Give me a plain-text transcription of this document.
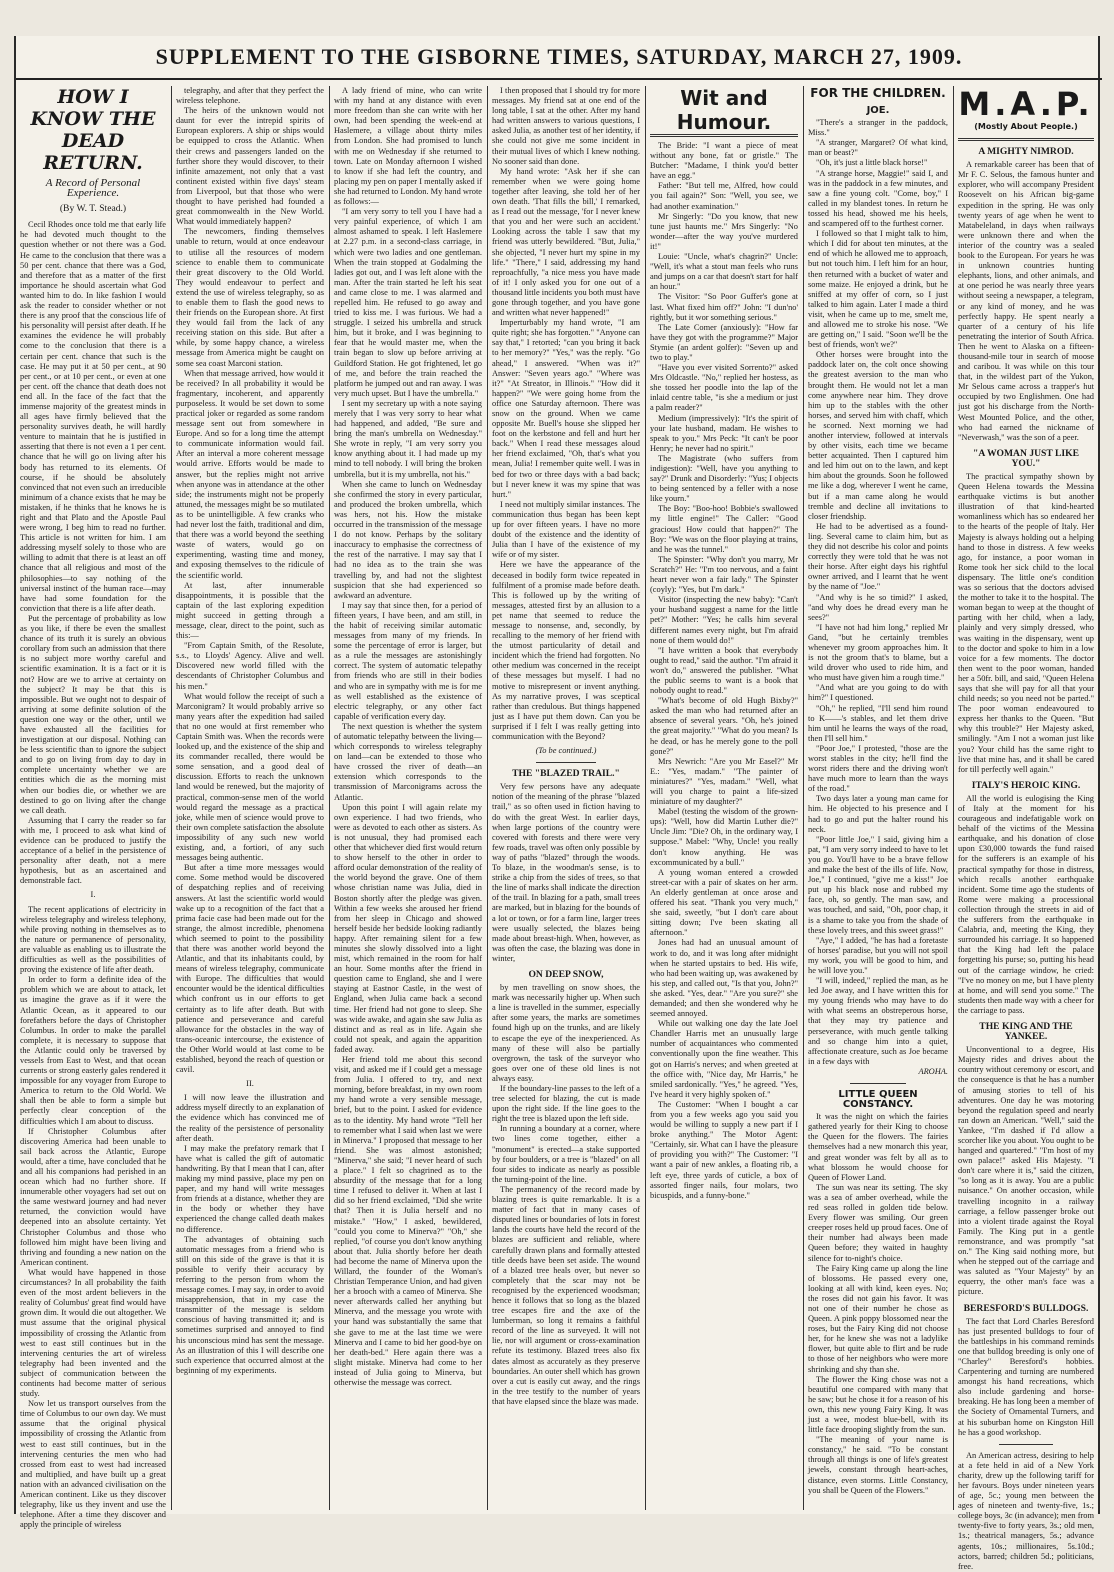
SUPPLEMENT TO THE GISBORNE TIMES, SATURDAY, MARCH 27, 1909.
HOW I KNOW THE DEAD RETURN.
A Record of Personal Experience.
(By W. T. Stead.)

Cecil Rhodes once told me that early life he had devoted much thought to the question whether or not there was a God. He came to the conclusion that there was a 50 per cent. chance that there was a God, and therefore that as a matter of the first importance he should ascertain what God wanted him to do. In like fashion I would ask the reader to consider whether or not there is any proof that the conscious life of his personality will persist after death. If he examines the evidence he will probably come to the conclusion that there is a certain per cent. chance that such is the case. He may put it at 50 per cent., at 90 per cent., or at 10 per cent., or even at one per cent. off the chance that death does not end all. In the face of the fact that the immense majority of the greatest minds in all ages have firmly believed that the personality survives death, he will hardly venture to maintain that he is justified in asserting that there is not even a 1 per cent. chance that he will go on living after his body has returned to its elements. Of course, if he should be absolutely convinced that not even such an irreducible minimum of a chance exists that he may be mistaken, if he thinks that he knows he is right and that Plato and the Apostle Paul were wrong, I beg him to read no further. This article is not written for him. I am addressing myself solely to those who are willing to admit that there is at least an off chance that all religious and most of the philosophies—to say nothing of the universal instinct of the human race—may have had some foundation for the conviction that there is a life after death.

Put the percentage of probability as low as you like, if there be even the smallest chance of its truth it is surely an obvious corollary from such an admission that there is no subject more worthy careful and scientific examination. It is a fact or it is not? How are we to arrive at certainty on the subject? It may be that this is impossible. But we ought not to despair of arriving at some definite solution of the question one way or the other, until we have exhausted all the facilities for investigation at our disposal. Nothing can be less scientific than to ignore the subject and to go on living from day to day in complete uncertainty whether we are entities which die as the morning mist when our bodies die, or whether we are destined to go on living after the change we call death.

Assuming that I carry the reader so far with me, I proceed to ask what kind of evidence can be produced to justify the acceptance of a belief in the persistence of personality after death, not a mere hypothesis, but as an ascertained and demonstrable fact.

I.

The recent applications of electricity in wireless telegraphy and wireless telephony, while proving nothing in themselves as to the nature or permanence of personality, are valuable as enabling us to illustrate the difficulties as well as the possibilities of proving the existence of life after death.

In order to form a definite idea of the problem which we are about to attack, let us imagine the grave as if it were the Atlantic Ocean, as it appeared to our forefathers before the days of Christopher Columbus. In order to make the parallel complete, it is necessary to suppose that the Atlantic could only be traversed by vessels from East to West, and that ocean currents or strong easterly gales rendered it impossible for any voyager from Europe to America to return to the Old World. We shall then be able to form a simple but perfectly clear conception of the difficulties which I am about to discuss.

If Christopher Columbus after discovering America had been unable to sail back across the Atlantic, Europe would, after a time, have concluded that he and all his companions had perished in an ocean which had no further shore. If innumerable other voyagers had set out on the same westward journey and had never returned, the conviction would have deepened into an absolute certainty. Yet Christopher Columbus and those who followed him might have been living and thriving and founding a new nation on the American continent.

What would have happened in those circumstances? In all probability the faith even of the most ardent believers in the reality of Columbus' great find would have grown dim. It would die out altogether. We must assume that the original physical impossibility of crossing the Atlantic from west to east still continues but in the intervening centuries the art of wireless telegraphy had been invented and the subject of communication between the continents had become matter of serious study.

Now let us transport ourselves from the time of Columbus to our own day. We must assume that the original physical impossibility of crossing the Atlantic from west to east still continues, but in the intervening centuries the men who had crossed from east to west had increased and multiplied, and have built up a great nation with an advanced civilisation on the American continent. Like us they discover telegraphy, like us they invent and use the telephone. After a time they discover and apply the principle of wireless

telegraphy, and after that they perfect the wireless telephone.

The heirs of the unknown would not daunt for ever the intrepid spirits of European explorers. A ship or ships would be equipped to cross the Atlantic. When their crews and passengers landed on the further shore they would discover, to their infinite amazement, not only that a vast continent existed within five days' steam from Liverpool, but that those who were thought to have perished had founded a great commonwealth in the New World. What would immediately happen?

The newcomers, finding themselves unable to return, would at once endeavour to utilise all the resources of modern science to enable them to communicate their great discovery to the Old World. They would endeavour to perfect and extend the use of wireless telegraphy, so as to enable them to flash the good news to their friends on the European shore. At first they would fail from the lack of any receiving station on this side. But after a while, by some happy chance, a wireless message from America might be caught on some sea coast Marconi station.

When that message arrived, how would it be received? In all probability it would be fragmentary, incoherent, and apparently purposeless. It would be set down to some practical joker or regarded as some random message sent out from somewhere in Europe. And so for a long time the attempt to communicate information would fail. After an interval a more coherent message would arrive. Efforts would be made to answer, but the replies might not arrive when anyone was in attendance at the other side; the instruments might not be properly attuned, the messages might be so mutilated as to be unintelligible. A few cranks who had never lost the faith, traditional and dim, that there was a world beyond the seething waste of waters, would go on experimenting, wasting time and money, and exposing themselves to the ridicule of the scientific world.

At last, after innumerable disappointments, it is possible that the captain of the last exploring expedition might succeed in getting through a message, clear, direct to the point, such as this:—

"From Captain Smith, of the Resolute, s.s., to Lloyds' Agency. Alive and well. Discovered new world filled with the descendants of Christopher Columbus and his men."

What would follow the receipt of such a Marconigram? It would probably arrive so many years after the expedition had sailed that no one would at first remember who Captain Smith was. When the records were looked up, and the existence of the ship and its commander recalled, there would be some sensation, and a good deal of discussion. Efforts to reach the unknown land would be renewed, but the majority of practical, common-sense men of the world would regard the message as a practical joke, while men of science would prove to their own complete satisfaction the absolute impossibility of any such new world existing, and, a fortiori, of any such messages being authentic.

But after a time more messages would come. Some method would be discovered of despatching replies and of receiving answers. At last the scientific world would wake up to a recognition of the fact that a prima facie case had been made out for the strange, the almost incredible, phenomena which seemed to point to the possibility that there was another world beyond the Atlantic, and that its inhabitants could, by means of wireless telegraphy, communicate with Europe. The difficulties that would encounter would be the identical difficulties which confront us in our efforts to get certainty as to life after death. But with patience and perseverance and careful allowance for the obstacles in the way of trans-oceanic intercourse, the existence of the Other World would at last come to be established, beyond the reach of question or cavil.

II.

I will now leave the illustration and address myself directly to an explanation of the evidence which has convinced me of the reality of the persistence of personality after death.

I may make the prefatory remark that I have what is called the gift of automatic handwriting. By that I mean that I can, after making my mind passive, place my pen on paper, and my hand will write messages from friends at a distance, whether they are in the body or whether they have experienced the change called death makes no difference.

The advantages of obtaining such automatic messages from a friend who is still on this side of the grave is that it is possible to verify their accuracy by referring to the person from whom the message comes. I may say, in order to avoid misapprehension, that in my case the transmitter of the message is seldom conscious of having transmitted it; and is sometimes surprised and annoyed to find his unconscious mind has sent the message. As an illustration of this I will describe one such experience that occurred almost at the beginning of my experiments.

A lady friend of mine, who can write with my hand at any distance with even more freedom than she can write with her own, had been spending the week-end at Haslemere, a village about thirty miles from London. She had promised to lunch with me on Wednesday if she returned to town. Late on Monday afternoon I wished to know if she had left the country, and placing my pen on paper I mentally asked if she had returned to London. My hand wrote as follows:—

"I am very sorry to tell you I have had a very painful experience, of which I am almost ashamed to speak. I left Haslemere at 2.27 p.m. in a second-class carriage, in which were two ladies and one gentleman. When the train stopped at Godalming the ladies got out, and I was left alone with the man. After the train started he left his seat and came close to me. I was alarmed and repelled him. He refused to go away and tried to kiss me. I was furious. We had a struggle. I seized his umbrella and struck him, but it broke, and I was beginning to fear that he would master me, when the train began to slow up before arriving at Guildford Station. He got frightened, let go of me, and before the train reached the platform he jumped out and ran away. I was very much upset. But I have the umbrella."

I sent my secretary up with a note saying merely that I was very sorry to hear what had happened, and added, "Be sure and bring the man's umbrella on Wednesday." She wrote in reply, "I am very sorry you know anything about it. I had made up my mind to tell nobody. I will bring the broken umbrella, but it is my umbrella, not his."

When she came to lunch on Wednesday she confirmed the story in every particular, and produced the broken umbrella, which was hers, not his. How the mistake occurred in the transmission of the message I do not know. Perhaps by the solitary inaccuracy to emphasise the correctness of the rest of the narrative. I may say that I had no idea as to the train she was travelling by, and had not the slightest suspicion that she had experienced so awkward an adventure.

I may say that since then, for a period of fifteen years, I have been, and am still, in the habit of receiving similar automatic messages from many of my friends. In some the percentage of error is larger, but as a rule the messages are astonishingly correct. The system of automatic telepathy from friends who are still in their bodies and who are in sympathy with me is for me as well established as the existence of electric telegraphy, or any other fact capable of verification every day.

The next question is whether the system of automatic telepathy between the living—which corresponds to wireless telegraphy on land—can be extended to those who have crossed the river of death—an extension which corresponds to the transmission of Marconigrams across the Atlantic.

Upon this point I will again relate my own experience. I had two friends, who were as devoted to each other as sisters. As is not unusual, they had promised each other that whichever died first would return to show herself to the other in order to afford ocular demonstration of the reality of the world beyond the grave. One of them whose christian name was Julia, died in Boston shortly after the pledge was given. Within a few weeks she aroused her friend from her sleep in Chicago and showed herself beside her bedside looking radiantly happy. After remaining silent for a few minutes she slowly dissolved into a light mist, which remained in the room for half an hour. Some months after the friend in question came to England, she and I were staying at Eastnor Castle, in the west of England, when Julia came back a second time. Her friend had not gone to sleep. She was wide awake, and again she saw Julia as distinct and as real as in life. Again she could not speak, and again the apparition faded away.

Her friend told me about this second visit, and asked me if I could get a message from Julia. I offered to try, and next morning, before breakfast, in my own room my hand wrote a very sensible message, brief, but to the point. I asked for evidence as to the identity. My hand wrote "Tell her to remember what I said when last we were in Minerva." I proposed that message to her friend. She was almost astonished; "Minerva," she said; "I never heard of such a place." I felt so chagrined as to the absurdity of the message that for a long time I refused to deliver it. When at last I did so her friend exclaimed, "Did she write that? Then it is Julia herself and no mistake." "How," I asked, bewildered, "could you come to Minerva?" "Oh," she replied, "of course you don't know anything about that. Julia shortly before her death had become the name of Minerva upon the Willard, the founder of the Woman's Christian Temperance Union, and had given her a brooch with a cameo of Minerva. She never afterwards called her anything but Minerva, and the message you wrote with your hand was substantially the same that she gave to me at the last time we were Minerva and I came to bid her good-bye on her death-bed." Here again there was a slight mistake. Minerva had come to her instead of Julia going to Minerva, but otherwise the message was correct.

I then proposed that I should try for more messages. My friend sat at one end of the long table, I sat at the other. After my hand had written answers to various questions, I asked Julia, as another test of her identity, if she could not give me some incident in their mutual lives of which I knew nothing. No sooner said than done.

My hand wrote: "Ask her if she can remember when we were going home together after leaving, she told her of her own death. 'That fills the bill,' I remarked, as I read out the message, 'for I never knew that you and her were such an accident.' Looking across the table I saw that my friend was utterly bewildered. "But, Julia," she objected, "I never hurt my spine in my life." "There," I said, addressing my hand reproachfully, "a nice mess you have made of it! I only asked you for one out of a thousand little incidents you both must have gone through together, and you have gone and written what never happened!"

Imperturbably my hand wrote, "I am quite right; she has forgotten." "Anyone can say that," I retorted; "can you bring it back to her memory?" "Yes," was the reply. "Go ahead," I answered. "When was it?" Answer: "Seven years ago." "Where was it?" "At Streator, in Illinois." "How did it happen?" "We were going home from the office one Saturday afternoon. There was snow on the ground. When we came opposite Mr. Buell's house she slipped her foot on the kerbstone and fell and hurt her back." When I read these messages aloud her friend exclaimed, "Oh, that's what you mean, Julia! I remember quite well. I was in bed for two or three days with a bad back; but I never knew it was my spine that was hurt."

I need not multiply similar instances. The communication thus began has been kept up for over fifteen years. I have no more doubt of the existence and the identity of Julia than I have of the existence of my wife or of my sister.

Here we have the appearance of the deceased in bodily form twice repeated in fulfilment of a promise made before death. This is followed up by the writing of messages, attested first by an allusion to a pet name that seemed to reduce the message to nonsense, and, secondly, by recalling to the memory of her friend with the utmost particularity of detail and incident which the friend had forgotten. No other medium was concerned in the receipt of these messages but myself. I had no motive to misrepresent or invent anything. As my narrative proves, I was sceptical rather than credulous. But things happened just as I have put them down. Can you be surprised if I felt I was really getting into communication with the Beyond?

(To be continued.)

THE "BLAZED TRAIL."

Very few persons have any adequate notion of the meaning of the phrase "blazed trail," as so often used in fiction having to do with the great West. In earlier days, when large portions of the country were covered with forests and there were very few roads, travel was often only possible by way of paths "blazed" through the woods. To blaze, in the woodman's sense, is to strike a chip from the sides of trees, so that the line of marks shall indicate the direction of the trail. In blazing for a path, small trees are marked, but in blazing for the bounds of a lot or town, or for a farm line, larger trees were usually selected, the blazes being made about breast-high. When, however, as was often the case, the blazing was done in winter,

ON DEEP SNOW,

by men travelling on snow shoes, the mark was necessarily higher up. When such a line is travelled in the summer, especially after some years, the marks are sometimes found high up on the trunks, and are likely to escape the eye of the inexperienced. As many of these will also be partially overgrown, the task of the surveyor who goes over one of these old lines is not always easy.

If the boundary-line passes to the left of a tree selected for blazing, the cut is made upon the right side. If the line goes to the right the tree is blazed upon the left side.

In running a boundary at a corner, where two lines come together, either a "monument" is erected—a stake supported by four boulders, or a tree is "blazed" on all four sides to indicate as nearly as possible the turning-point of the line.

The permanency of the record made by blazing trees is quite remarkable. It is a matter of fact that in many cases of disputed lines or boundaries of lots in forest lands the courts have held the record of the blazes are sufficient and reliable, where carefully drawn plans and formally attested title deeds have been set aside. The wound of a blazed tree heals over, but never so completely that the scar may not be recognised by the experienced woodsman; hence it follows that so long as the blazed tree escapes fire and the axe of the lumberman, so long it remains a faithful record of the line as surveyed. It will not lie, nor will argument or cross-examination refute its testimony. Blazed trees also fix dates almost as accurately as they preserve boundaries. An outer shell which has grown over a cut is easily cut away, and the rings in the tree testify to the number of years that have elapsed since the blaze was made.

Wit and Humour.

The Bride: "I want a piece of meat without any bone, fat or gristle." The Butcher: "Madame, I think you'd better have an egg."

Father: "But tell me, Alfred, how could you fail again?" Son: "Well, you see, we had another examination."

Mr Singerly: "Do you know, that new tune just haunts me." Mrs Singerly: "No wonder—after the way you've murdered it!"

Louie: "Uncle, what's chagrin?" Uncle: "Well, it's what a stout man feels who runs and jumps on a car that doesn't start for half an hour."

The Visitor: "So Poor Guffer's gone at last. What fixed him off?" John: "I dun'no' rightly, but it wor something serious."

The Late Comer (anxiously): "How far have they got with the programme?" Major Stymie (an ardent golfer): "Seven up and two to play."

"Have you ever visited Sorrento?" asked Mrs Oldcastle. "No," replied her hostess, as she tossed her poodle into the lap of the inlaid centre table, "is she a medium or just a palm reader?"

Medium (impressively): "It's the spirit of your late husband, madam. He wishes to speak to you." Mrs Peck: "It can't be poor Henry; he never had no spirit."

The Magistrate (who suffers from indigestion): "Well, have you anything to say?" Drunk and Disorderly: "Yus; I objects to being sentenced by a feller with a nose like yourn."

The Boy: "Boo-hoo! Bobbie's swallowed my little engine!" The Caller: "Good gracious! How could that happen?" The Boy: "We was on the floor playing at trains, and he was the tunnel."

The Spinster: "Why don't you marry, Mr Scratch?" He: "I'm too nervous, and a faint heart never won a fair lady." The Spinster (coyly): "Yes, but I'm dark."

Visitor (inspecting the new baby): "Can't your husband suggest a name for the little pet?" Mother: "Yes; he calls him several different names every night, but I'm afraid none of them would do!"

"I have written a book that everybody ought to read," said the author. "I'm afraid it won't do," answered the publisher. "What the public seems to want is a book that nobody ought to read."

"What's become of old Hugh Bixby?" asked the man who had returned after an absence of several years. "Oh, he's joined the great majority." "What do you mean? Is he dead, or has he merely gone to the poll gone?"

Mrs Newrich: "Are you Mr Easel?" Mr E.: "Yes, madam." "The painter of miniatures?" "Yes, madam." "Well, what will you charge to paint a life-sized miniature of my daughter?"

Mabel (testing the wisdom of the grown-ups): "Well, how did Martin Luther die?" Uncle Jim: "Die? Oh, in the ordinary way, I suppose." Mabel: "Why, Uncle! you really don't know anything. He was excommunicated by a bull."

A young woman entered a crowded street-car with a pair of skates on her arm. An elderly gentleman at once arose and offered his seat. "Thank you very much," she said, sweetly, "but I don't care about sitting down; I've been skating all afternoon."

Jones had had an unusual amount of work to do, and it was long after midnight when he started upstairs to bed. His wife, who had been waiting up, was awakened by his step, and called out, "Is that you, John?" she asked. "Yes, dear." "Are you sure?" she demanded; and then she wondered why he seemed annoyed.

While out walking one day the late Joel Chandler Harris met an unusually large number of acquaintances who commented conventionally upon the fine weather. This got on Harris's nerves; and when greeted at the office with, "Nice day, Mr Harris," he smiled sardonically. "Yes," he agreed. "Yes, I've heard it very highly spoken of."

The Customer: "When I bought a car from you a few weeks ago you said you would be willing to supply a new part if I broke anything." The Motor Agent: "Certainly, sir. What can I have the pleasure of providing you with?" The Customer: "I want a pair of new ankles, a floating rib, a left eye, three yards of cuticle, a box of assorted finger nails, four molars, two bicuspids, and a funny-bone."

FOR THE CHILDREN.
JOE.

"There's a stranger in the paddock, Miss."

"A stranger, Margaret? Of what kind, man or beast?"

"Oh, it's just a little black horse!"

"A strange horse, Maggie!" said I, and was in the paddock in a few minutes, and saw a fine young colt. "Come, boy," I called in my blandest tones. In return he tossed his head, showed me his heels, and scampered off to the furthest corner.

I followed so that I might talk to him, which I did for about ten minutes, at the end of which he allowed me to approach, but not touch him. I left him for an hour, then returned with a bucket of water and some maize. He enjoyed a drink, but he sniffed at my offer of corn, so I just talked to him again. Later I made a third visit, when he came up to me, smelt me, and allowed me to stroke his nose. "We are getting on," I said. "Soon we'll be the best of friends, won't we?"

Other horses were brought into the paddock later on, the colt once showing the greatest aversion to the man who brought them. He would not let a man come anywhere near him. They drove him up to the stables with the other horses, and served him with chaff, which he scorned. Next morning we had another interview, followed at intervals by other visits, each time we became better acquainted. Then I captured him and led him out on to the lawn, and kept him about the grounds. Soon he followed me like a dog, wherever I went he came, but if a man came along he would tremble and decline all invitations to closer friendship.

He had to be advertised as a found-ling. Several came to claim him, but as they did not describe his color and points correctly they were told that he was not their horse. After eight days his rightful owner arrived, and I learnt that he went by the name of "Joe."

"And why is he so timid?" I asked, "and why does he dread every man he sees?"

"I have not had him long," replied Mr Gand, "but he certainly trembles whenever my groom approaches him. It is not the groom that's to blame, but a wild drover who used to ride him, and who must have given him a rough time."

"And what are you going to do with him?" I questioned.

"Oh," he replied, "I'll send him round to K——'s stables, and let them drive him until he learns the ways of the road, then I'll sell him."

"Poor Joe," I protested, "those are the worst stables in the city; he'll find the worst riders there and the driving won't have much more to learn than the ways of the road."

Two days later a young man came for him. He objected to his presence and I had to go and put the halter round his neck.

"Poor little Joe," I said, giving him a pat, "I am very sorry indeed to have to let you go. You'll have to be a brave fellow and make the best of the ills of life. Now, Joe," I continued, "give me a kiss!" Joe put up his black nose and rubbed my face, oh, so gently. The man saw, and was touched, and said, "Oh, poor chap, it is a shame to take you from the shade of these lovely trees, and this sweet grass!"

"Aye," I added, "he has had a foretaste of horses' paradise, but you will not spoil my work, you will be good to him, and he will love you."

"I will, indeed," replied the man, as he led Joe away, and I have written this for my young friends who may have to do with what seems an obstreperous horse, that they may try patience and perseverance, with much gentle talking and so change him into a quiet, affectionate creature, such as Joe became in a few days with

AROHA.

LITTLE QUEEN CONSTANCY.

It was the night on which the fairies gathered yearly for their King to choose the Queen for the flowers. The fairies themselves had a new monarch this year, and great wonder was felt by all as to what blossom he would choose for Queen of Flower Land.

The sun was near its setting. The sky was a sea of amber overhead, while the red seas rolled in golden tide below. Every flower was smiling. Our green creeper roses held up proud faces. One of their number had always been made Queen before; they waited in haughty silence for to-night's choice.

The Fairy King came up along the line of blossoms. He passed every one, looking at all with kind, keen eyes. No; the roses did not gain his favor. It was not one of their number he chose as Queen. A pink poppy blossomed near the roses, but the Fairy King did not choose her, for he knew she was not a ladylike flower, but quite able to flirt and be rude to those of her neighbors who were more shrinking and shy than she.

The flower the King chose was not a beautiful one compared with many that he saw; but he chose it for a reason of his own, this new young Fairy King. It was just a wee, modest blue-bell, with its little face drooping slightly from the sun.

"The meaning of your name is constancy," he said. "To be constant through all things is one of life's greatest jewels, constant through heart-aches, distance, even storms. Little Constancy, you shall be Queen of the Flowers."

M.A.P.
(Mostly About People.)

A MIGHTY NIMROD.

A remarkable career has been that of Mr F. C. Selous, the famous hunter and explorer, who will accompany President Roosevelt on his African big-game expedition in the spring. He was only twenty years of age when he went to Matabeleland, in days when railways were unknown there and when the interior of the country was a sealed book to the European. For years he was in unknown countries hunting elephants, lions, and other animals, and at one period he was nearly three years without seeing a newspaper, a telegram, or any kind of money, and he was perfectly happy. He spent nearly a quarter of a century of his life penetrating the interior of South Africa. Then he went to Alaska on a fifteen-thousand-mile tour in search of moose and caribou. It was while on this tour that, in the wildest part of the Yukon, Mr Selous came across a trapper's hut occupied by two Englishmen. One had just got his discharge from the North-West Mounted Police, and the other, who had earned the nickname of "Neverwash," was the son of a peer.

"A WOMAN JUST LIKE YOU."

The practical sympathy shown by Queen Helena towards the Messina earthquake victims is but another illustration of that kind-hearted womanliness which has so endeared her to the hearts of the people of Italy. Her Majesty is always holding out a helping hand to those in distress. A few weeks ago, for instance, a poor woman in Rome took her sick child to the local dispensary. The little one's condition was so serious that the doctors advised the mother to take it to the hospital. The woman began to weep at the thought of parting with her child, when a lady, plainly and very simply dressed, who was waiting in the dispensary, went up to the doctor and spoke to him in a low voice for a few moments. The doctor then went to the poor woman, handed her a 50fr. bill, and said, "Queen Helena says that she will pay for all that your child needs; so you need not be parted." The poor woman endeavoured to express her thanks to the Queen. "But why this trouble?" Her Majesty asked, smilingly. "Am I not a woman just like you? Your child has the same right to live that mine has, and it shall be cared for till perfectly well again."

ITALY'S HEROIC KING.

All the world is eulogising the King of Italy at the moment for his courageous and indefatigable work on behalf of the victims of the Messina earthquake, and his donation of close upon £30,000 towards the fund raised for the sufferers is an example of his practical sympathy for those in distress, which recalls another earthquake incident. Some time ago the students of Rome were making a processional collection through the streets in aid of the sufferers from the earthquake in Calabria, and, meeting the King, they surrounded his carriage. It so happened that the King had left the palace forgetting his purse; so, putting his head out of the carriage window, he cried: "I've no money on me, but I have plenty at home, and will send you some." The students then made way with a cheer for the carriage to pass.

THE KING AND THE YANKEE.

Unconventional to a degree, His Majesty rides and drives about the country without ceremony or escort, and the consequence is that he has a number of amusing stories to tell of his adventures. One day he was motoring beyond the regulation speed and nearly ran down an American. "Well," said the Yankee, "I'm dashed if I'd allow a scorcher like you about. You ought to be hanged and quartered." "I'm host of my own palace!" asked His Majesty. "I don't care where it is," said the citizen, "so long as it is away. You are a public nuisance." On another occasion, while travelling incognito in a railway carriage, a fellow passenger broke out into a violent tirade against the Royal Family. The King put in a gentle remonstrance, and was promptly "sat on." The King said nothing more, but when he stepped out of the carriage and was saluted as "Your Majesty" by an equerry, the other man's face was a picture.

BERESFORD'S BULLDOGS.

The fact that Lord Charles Beresford has just presented bulldogs to four of the battleships in his command reminds one that bulldog breeding is only one of "Charley" Beresford's hobbies. Carpentering and turning are numbered amongst his hand recreations, which also include gardening and horse-breaking. He has long been a member of the Society of Ornamental Turners, and at his suburban home on Kingston Hill he has a good workshop.

An American actress, desiring to help at a fete held in aid of a New York charity, drew up the following tariff for her favours. Boys under nineteen years of age, 5c.; young men between the ages of nineteen and twenty-five, 1s.; college boys, 3c (in advance); men from twenty-five to forty years, 3s.; old men, 1s.; theatrical managers, 5s.; advance agents, 10s.; millionaires, 5s.10d.; actors, barred; children 5d.; politicians, free.
